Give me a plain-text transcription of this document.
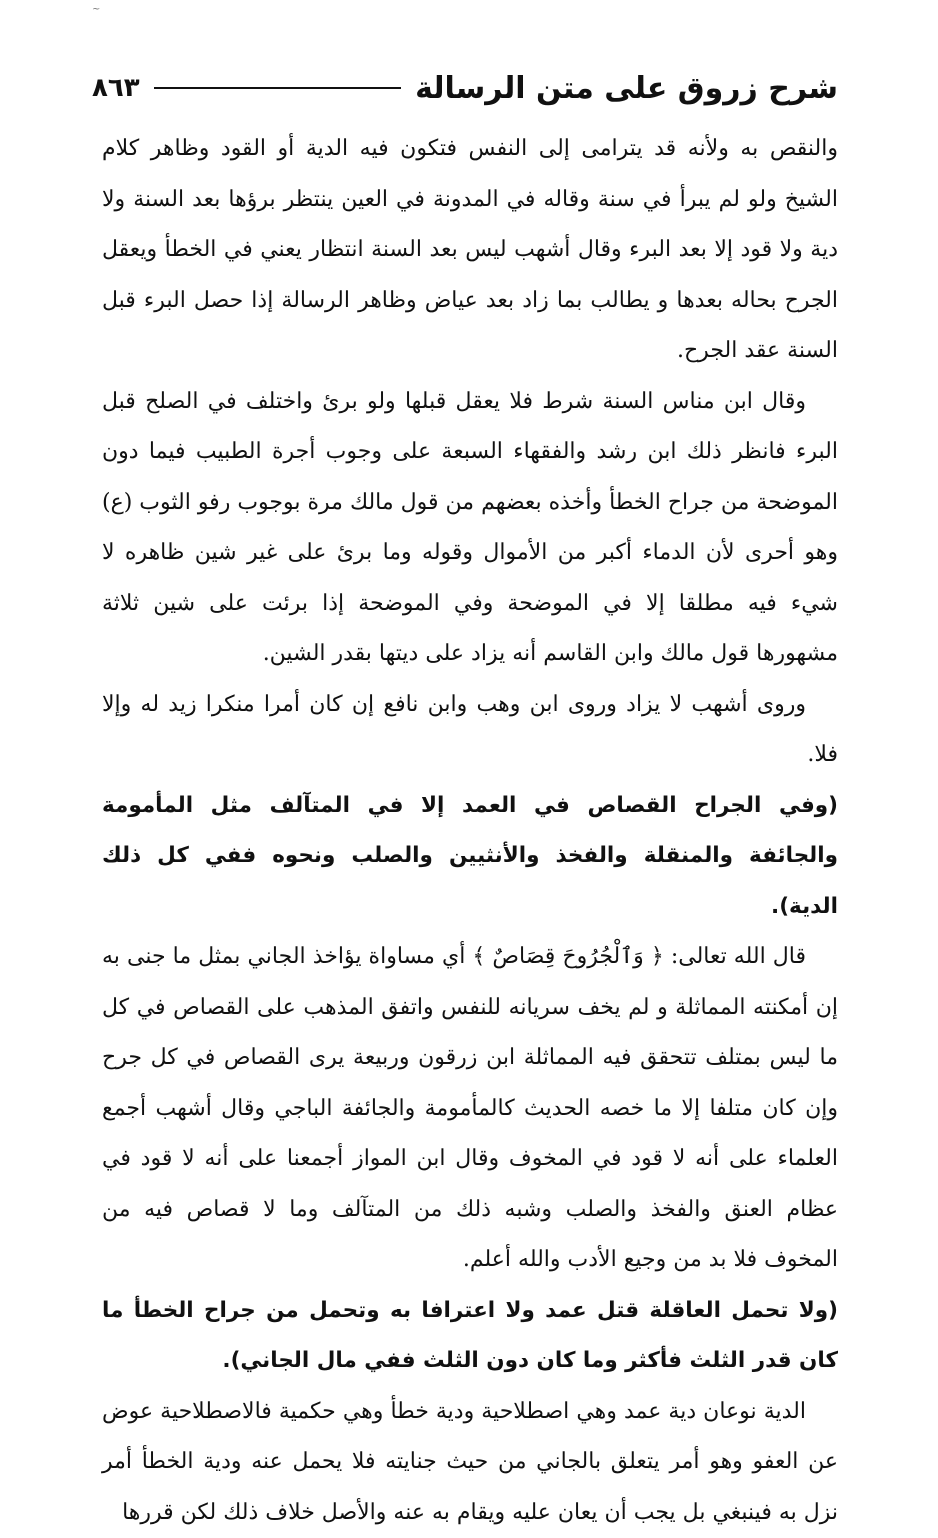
~
شرح زروق على متن الرسالة
٨٦٣

والنقص به ولأنه قد يترامى إلى النفس فتكون فيه الدية أو القود وظاهر كلام الشيخ ولو لم يبرأ في سنة وقاله في المدونة في العين ينتظر برؤها بعد السنة ولا دية ولا قود إلا بعد البرء وقال أشهب ليس بعد السنة انتظار يعني في الخطأ ويعقل الجرح بحاله بعدها و يطالب بما زاد بعد عياض وظاهر الرسالة إذا حصل البرء قبل السنة عقد الجرح.

وقال ابن مناس السنة شرط فلا يعقل قبلها ولو برئ واختلف في الصلح قبل البرء فانظر ذلك ابن رشد والفقهاء السبعة على وجوب أجرة الطبيب فيما دون الموضحة من جراح الخطأ وأخذه بعضهم من قول مالك مرة بوجوب رفو الثوب (ع) وهو أحرى لأن الدماء أكبر من الأموال وقوله وما برئ على غير شين ظاهره لا شيء فيه مطلقا إلا في الموضحة وفي الموضحة إذا برئت على شين ثلاثة مشهورها قول مالك وابن القاسم أنه يزاد على ديتها بقدر الشين.

وروى أشهب لا يزاد وروى ابن وهب وابن نافع إن كان أمرا منكرا زيد له وإلا فلا.

(وفي الجراح القصاص في العمد إلا في المتآلف مثل المأمومة والجائفة والمنقلة والفخذ والأنثيين والصلب ونحوه ففي كل ذلك الدية).

قال الله تعالى: ﴿ وَٱلْجُرُوحَ قِصَاصٌ ﴾ أي مساواة يؤاخذ الجاني بمثل ما جنى به إن أمكنته المماثلة و لم يخف سريانه للنفس واتفق المذهب على القصاص في كل ما ليس بمتلف تتحقق فيه المماثلة ابن زرقون وربيعة يرى القصاص في كل جرح وإن كان متلفا إلا ما خصه الحديث كالمأمومة والجائفة الباجي وقال أشهب أجمع العلماء على أنه لا قود في المخوف وقال ابن المواز أجمعنا على أنه لا قود في عظام العنق والفخذ والصلب وشبه ذلك من المتآلف وما لا قصاص فيه من المخوف فلا بد من وجيع الأدب والله أعلم.

(ولا تحمل العاقلة قتل عمد ولا اعترافا به وتحمل من جراح الخطأ ما كان قدر الثلث فأكثر وما كان دون الثلث ففي مال الجاني).

الدية نوعان دية عمد وهي اصطلاحية ودية خطأ وهي حكمية فالاصطلاحية عوض عن العفو وهو أمر يتعلق بالجاني من حيث جنايته فلا يحمل عنه ودية الخطأ أمر نزل به فينبغي بل يجب أن يعان عليه ويقام به عنه والأصل خلاف ذلك لكن قررها
